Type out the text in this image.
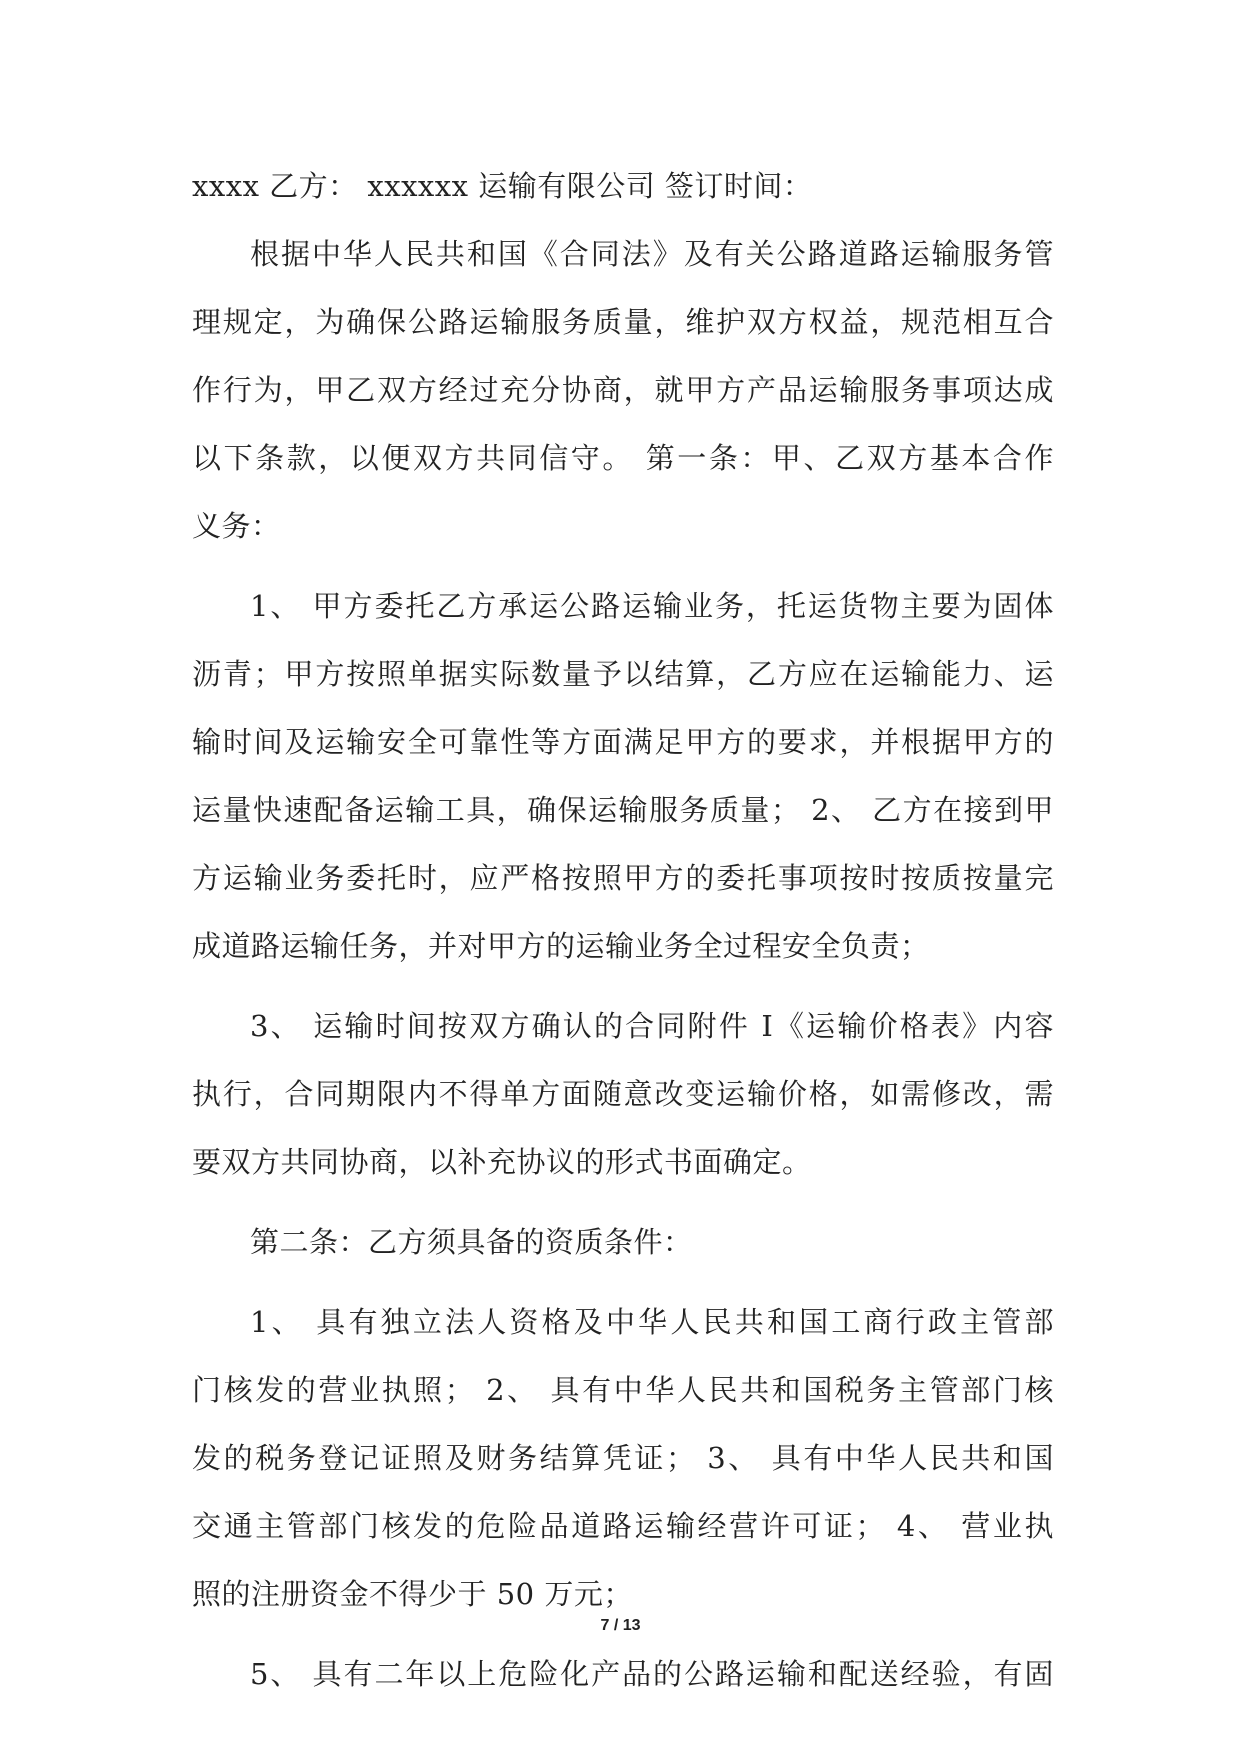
xxxx 乙方： xxxxxx 运输有限公司 签订时间：
根据中华人民共和国《合同法》及有关公路道路运输服务管
理规定，为确保公路运输服务质量，维护双方权益，规范相互合
作行为，甲乙双方经过充分协商，就甲方产品运输服务事项达成
以下条款，以便双方共同信守。 第一条：甲、乙双方基本合作
义务：
1、 甲方委托乙方承运公路运输业务，托运货物主要为固体
沥青；甲方按照单据实际数量予以结算，乙方应在运输能力、运
输时间及运输安全可靠性等方面满足甲方的要求，并根据甲方的
运量快速配备运输工具，确保运输服务质量； 2、 乙方在接到甲
方运输业务委托时，应严格按照甲方的委托事项按时按质按量完
成道路运输任务，并对甲方的运输业务全过程安全负责；
3、 运输时间按双方确认的合同附件 I《运输价格表》内容
执行，合同期限内不得单方面随意改变运输价格，如需修改，需
要双方共同协商，以补充协议的形式书面确定。
第二条：乙方须具备的资质条件：
1、 具有独立法人资格及中华人民共和国工商行政主管部
门核发的营业执照； 2、 具有中华人民共和国税务主管部门核
发的税务登记证照及财务结算凭证； 3、 具有中华人民共和国
交通主管部门核发的危险品道路运输经营许可证； 4、 营业执
照的注册资金不得少于 50 万元；
5、 具有二年以上危险化产品的公路运输和配送经验，有固
7 / 13
